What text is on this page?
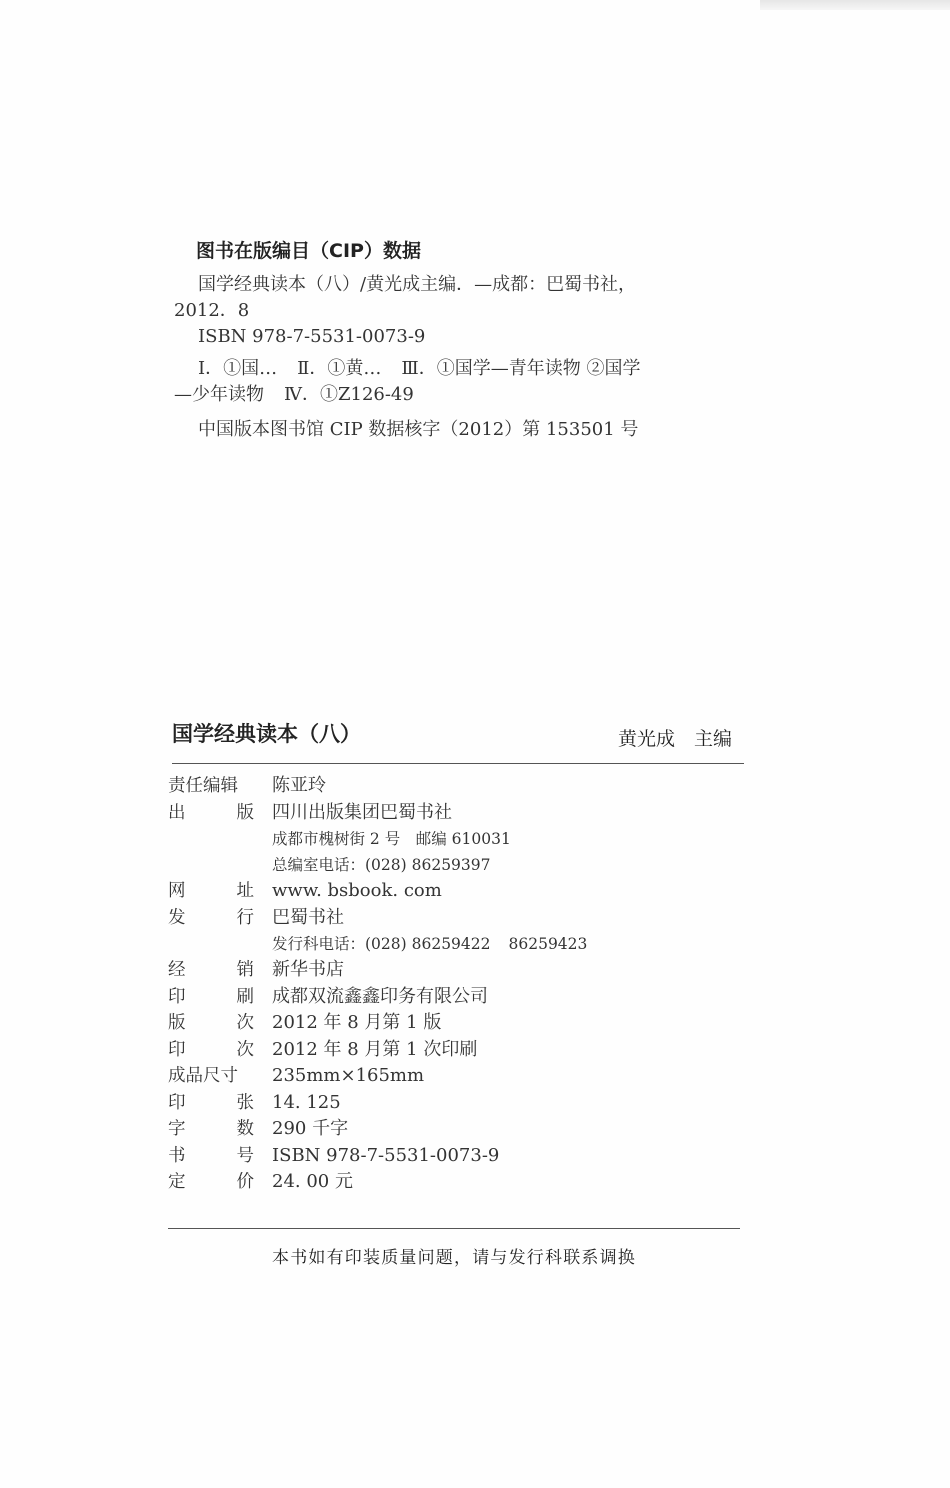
图书在版编目（CIP）数据
国学经典读本（八）/黄光成主编．—成都：巴蜀书社，
2012．8
ISBN 978-7-5531-0073-9
Ⅰ．①国… Ⅱ．①黄… Ⅲ．①国学—青年读物 ②国学
—少年读物 Ⅳ．①Z126-49
中国版本图书馆 CIP 数据核字（2012）第 153501 号
国学经典读本（八）	黄光成　主编
责任编辑 陈亚玲
出	版 四川出版集团巴蜀书社
成都市槐树街 2 号　邮编 610031
总编室电话：(028) 86259397
网	址 www. bsbook. com
发	行 巴蜀书社
发行科电话：(028) 86259422 86259423
经	销 新华书店
印	刷 成都双流鑫鑫印务有限公司
版	次 2012 年 8 月第 1 版
印	次 2012 年 8 月第 1 次印刷
成品尺寸 235mm×165mm
印	张 14. 125
字	数 290 千字
书	号 ISBN 978-7-5531-0073-9
定	价 24. 00 元
本书如有印装质量问题，请与发行科联系调换
